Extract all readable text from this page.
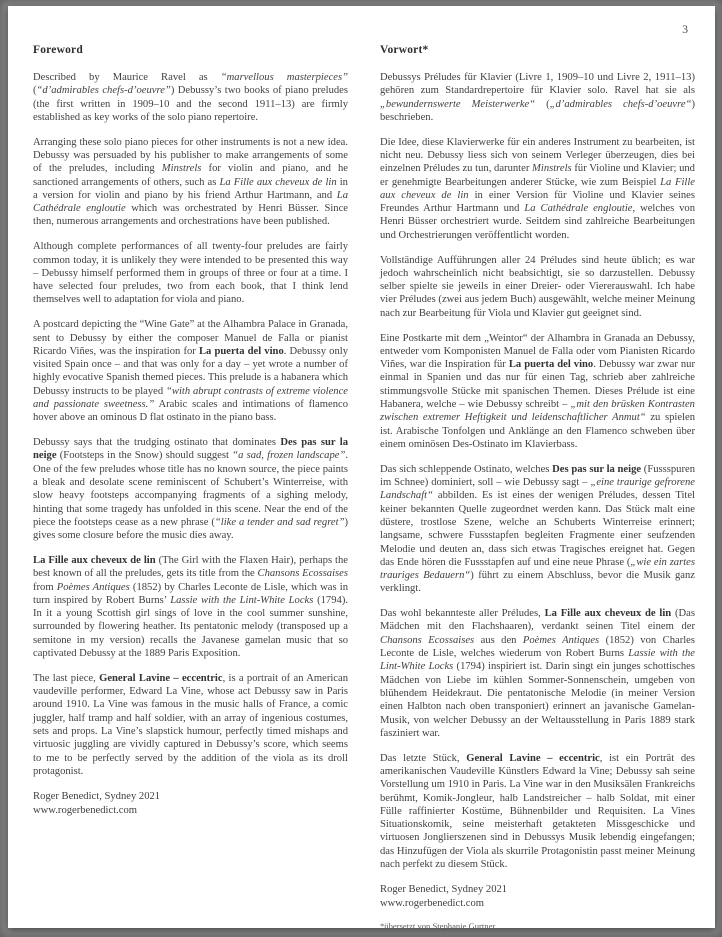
3
Foreword

Described by Maurice Ravel as “marvellous masterpieces” (“d’admirables chefs-d’oeuvre”) Debussy’s two books of piano preludes (the first written in 1909–10 and the second 1911–13) are firmly established as key works of the solo piano repertoire.

Arranging these solo piano pieces for other instruments is not a new idea. Debussy was persuaded by his publisher to make arrangements of some of the preludes, including Minstrels for violin and piano, and he sanctioned arrangements of others, such as La Fille aux cheveux de lin in a version for violin and piano by his friend Arthur Hartmann, and La Cathédrale engloutie which was orchestrated by Henri Büsser. Since then, numerous arrangements and orchestrations have been published.

Although complete performances of all twenty-four preludes are fairly common today, it is unlikely they were intended to be presented this way – Debussy himself performed them in groups of three or four at a time. I have selected four preludes, two from each book, that I think lend themselves well to adaptation for viola and piano.

A postcard depicting the “Wine Gate” at the Alhambra Palace in Granada, sent to Debussy by either the composer Manuel de Falla or pianist Ricardo Viñes, was the inspiration for La puerta del vino. Debussy only visited Spain once – and that was only for a day – yet wrote a number of highly evocative Spanish themed pieces. This prelude is a habanera which Debussy instructs to be played “with abrupt contrasts of extreme violence and passionate sweetness.” Arabic scales and intimations of flamenco hover above an ominous D flat ostinato in the piano bass.

Debussy says that the trudging ostinato that dominates Des pas sur la neige (Footsteps in the Snow) should suggest “a sad, frozen landscape”. One of the few preludes whose title has no known source, the piece paints a bleak and desolate scene reminiscent of Schubert’s Winterreise, with slow heavy footsteps accompanying fragments of a sighing melody, hinting that some tragedy has unfolded in this scene. Near the end of the piece the footsteps cease as a new phrase (“like a tender and sad regret”) gives some closure before the music dies away.

La Fille aux cheveux de lin (The Girl with the Flaxen Hair), perhaps the best known of all the preludes, gets its title from the Chansons Ecossaises from Poèmes Antiques (1852) by Charles Leconte de Lisle, which was in turn inspired by Robert Burns’ Lassie with the Lint-White Locks (1794). In it a young Scottish girl sings of love in the cool summer sunshine, surrounded by flowering heather. Its pentatonic melody (transposed up a semitone in my version) recalls the Javanese gamelan music that so captivated Debussy at the 1889 Paris Exposition.

The last piece, General Lavine – eccentric, is a portrait of an American vaudeville performer, Edward La Vine, whose act Debussy saw in Paris around 1910. La Vine was famous in the music halls of France, a comic juggler, half tramp and half soldier, with an array of ingenious costumes, sets and props. La Vine’s slapstick humour, perfectly timed mishaps and virtuosic juggling are vividly captured in Debussy’s score, which seems to me to be perfectly served by the addition of the viola as its droll protagonist.

Roger Benedict, Sydney 2021
www.rogerbenedict.com
Vorwort*

Debussys Préludes für Klavier (Livre 1, 1909–10 und Livre 2, 1911–13) gehören zum Standardrepertoire für Klavier solo. Ravel hat sie als „bewundernswerte Meisterwerke“ („d’admirables chefs-d’oeuvre“) beschrieben.

Die Idee, diese Klavierwerke für ein anderes Instrument zu bearbeiten, ist nicht neu. Debussy liess sich von seinem Verleger überzeugen, dies bei einzelnen Préludes zu tun, darunter Minstrels für Violine und Klavier; und er genehmigte Bearbeitungen anderer Stücke, wie zum Beispiel La Fille aux cheveux de lin in einer Version für Violine und Klavier seines Freundes Arthur Hartmann und La Cathédrale engloutie, welches von Henri Büsser orchestriert wurde. Seitdem sind zahlreiche Bearbeitungen und Orchestrierungen veröffentlicht worden.

Vollständige Aufführungen aller 24 Préludes sind heute üblich; es war jedoch wahrscheinlich nicht beabsichtigt, sie so darzustellen. Debussy selber spielte sie jeweils in einer Dreier- oder Viererauswahl. Ich habe vier Préludes (zwei aus jedem Buch) ausgewählt, welche meiner Meinung nach zur Bearbeitung für Viola und Klavier gut geeignet sind.

Eine Postkarte mit dem „Weintor“ der Alhambra in Granada an Debussy, entweder vom Komponisten Manuel de Falla oder vom Pianisten Ricardo Viñes, war die Inspiration für La puerta del vino. Debussy war zwar nur einmal in Spanien und das nur für einen Tag, schrieb aber zahlreiche stimmungsvolle Stücke mit spanischen Themen. Dieses Prélude ist eine Habanera, welche – wie Debussy schreibt – „mit den brüsken Kontrasten zwischen extremer Heftigkeit und leidenschaftlicher Anmut“ zu spielen ist. Arabische Tonfolgen und Anklänge an den Flamenco schweben über einem ominösen Des-Ostinato im Klavierbass.

Das sich schleppende Ostinato, welches Des pas sur la neige (Fussspuren im Schnee) dominiert, soll – wie Debussy sagt – „eine traurige gefrorene Landschaft“ abbilden. Es ist eines der wenigen Préludes, dessen Titel keiner bekannten Quelle zugeordnet werden kann. Das Stück malt eine düstere, trostlose Szene, welche an Schuberts Winterreise erinnert; langsame, schwere Fussstapfen begleiten Fragmente einer seufzenden Melodie und deuten an, dass sich etwas Tragisches ereignet hat. Gegen das Ende hören die Fussstapfen auf und eine neue Phrase („wie ein zartes trauriges Bedauern“) führt zu einem Abschluss, bevor die Musik ganz verklingt.

Das wohl bekannteste aller Préludes, La Fille aux cheveux de lin (Das Mädchen mit den Flachshaaren), verdankt seinen Titel einem der Chansons Ecossaises aus den Poèmes Antiques (1852) von Charles Leconte de Lisle, welches wiederum von Robert Burns Lassie with the Lint-White Locks (1794) inspiriert ist. Darin singt ein junges schottisches Mädchen von Liebe im kühlen Sommer-Sonnenschein, umgeben von blühendem Heidekraut. Die pentatonische Melodie (in meiner Version einen Halbton nach oben transponiert) erinnert an javanische Gamelan-Musik, von welcher Debussy an der Weltausstellung in Paris 1889 stark fasziniert war.

Das letzte Stück, General Lavine – eccentric, ist ein Porträt des amerikanischen Vaudeville Künstlers Edward la Vine; Debussy sah seine Vorstellung um 1910 in Paris. La Vine war in den Musiksälen Frankreichs berühmt, Komik-Jongleur, halb Landstreicher – halb Soldat, mit einer Fülle raffinierter Kostüme, Bühnenbilder und Requisiten. La Vines Situationskomik, seine meisterhaft getakteten Missgeschicke und virtuosen Jonglierszenen sind in Debussys Musik lebendig eingefangen; das Hinzufügen der Viola als skurrile Protagonistin passt meiner Meinung nach perfekt zu diesem Stück.

Roger Benedict, Sydney 2021
www.rogerbenedict.com
*übersetzt von Stephanie Gurtner
